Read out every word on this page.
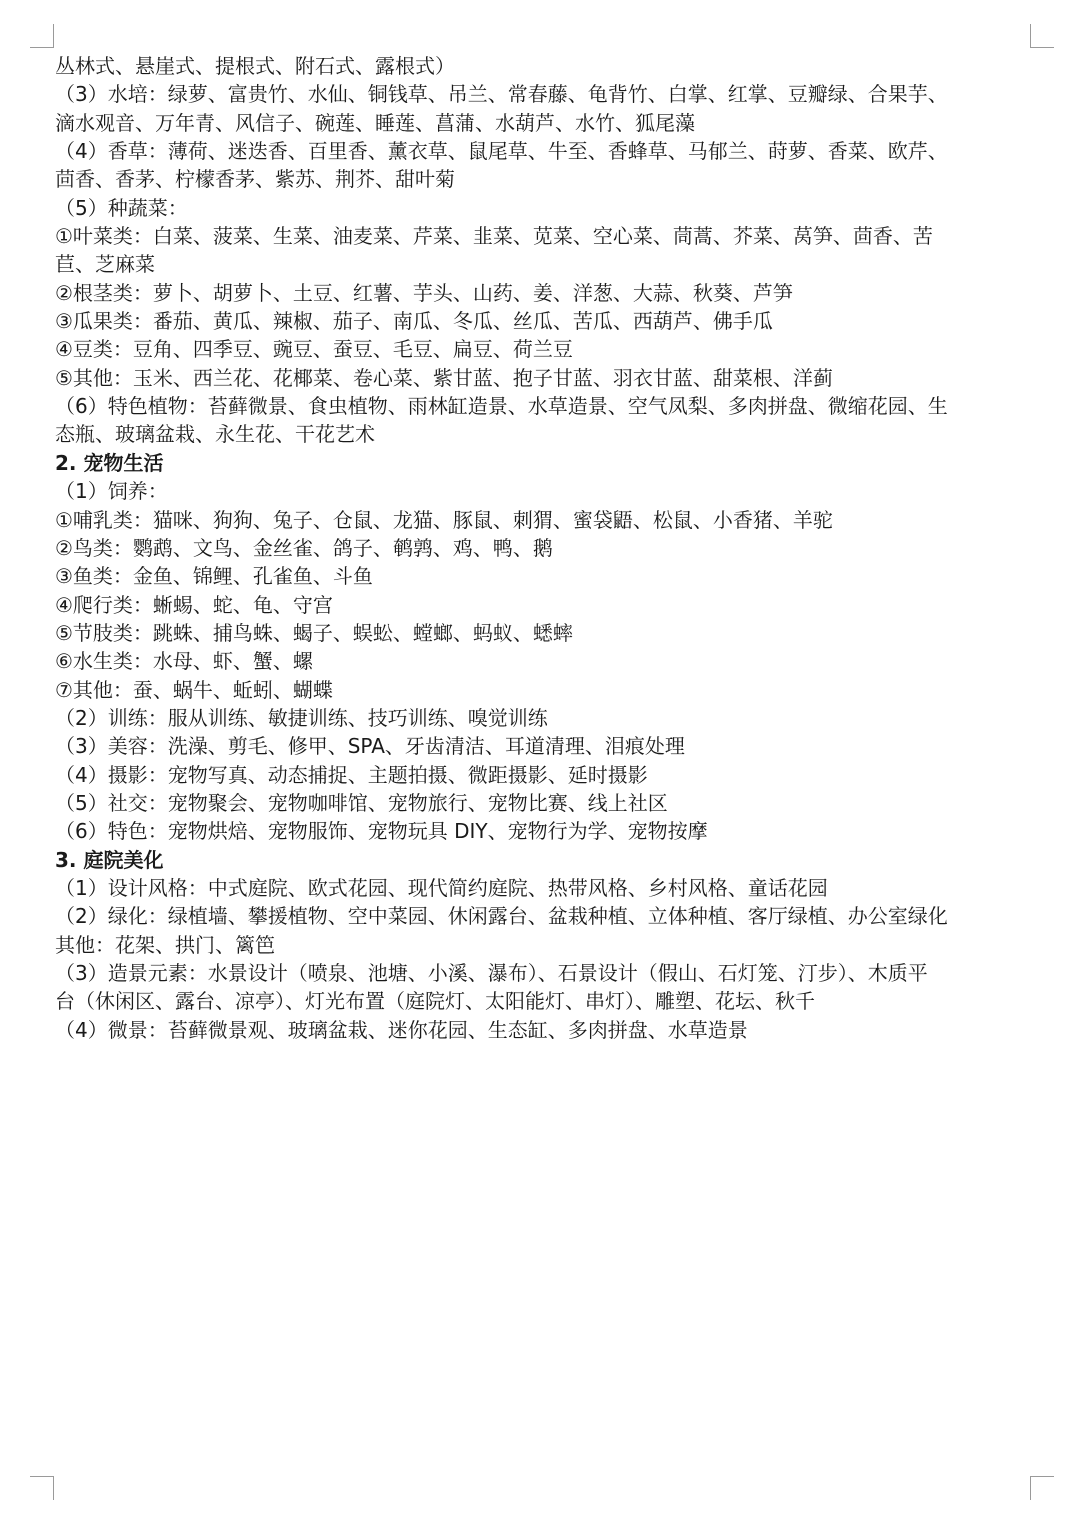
丛林式、悬崖式、提根式、附石式、露根式）
（3）水培：绿萝、富贵竹、水仙、铜钱草、吊兰、常春藤、龟背竹、白掌、红掌、豆瓣绿、合果芋、
滴水观音、万年青、风信子、碗莲、睡莲、菖蒲、水葫芦、水竹、狐尾藻
（4）香草：薄荷、迷迭香、百里香、薰衣草、鼠尾草、牛至、香蜂草、马郁兰、莳萝、香菜、欧芹、
茴香、香茅、柠檬香茅、紫苏、荆芥、甜叶菊
（5）种蔬菜：
①叶菜类：白菜、菠菜、生菜、油麦菜、芹菜、韭菜、苋菜、空心菜、茼蒿、芥菜、莴笋、茴香、苦
苣、芝麻菜
②根茎类：萝卜、胡萝卜、土豆、红薯、芋头、山药、姜、洋葱、大蒜、秋葵、芦笋
③瓜果类：番茄、黄瓜、辣椒、茄子、南瓜、冬瓜、丝瓜、苦瓜、西葫芦、佛手瓜
④豆类：豆角、四季豆、豌豆、蚕豆、毛豆、扁豆、荷兰豆
⑤其他：玉米、西兰花、花椰菜、卷心菜、紫甘蓝、抱子甘蓝、羽衣甘蓝、甜菜根、洋蓟
（6）特色植物：苔藓微景、食虫植物、雨林缸造景、水草造景、空气凤梨、多肉拼盘、微缩花园、生
态瓶、玻璃盆栽、永生花、干花艺术
2. 宠物生活
（1）饲养：
①哺乳类：猫咪、狗狗、兔子、仓鼠、龙猫、豚鼠、刺猬、蜜袋鼯、松鼠、小香猪、羊驼
②鸟类：鹦鹉、文鸟、金丝雀、鸽子、鹌鹑、鸡、鸭、鹅
③鱼类：金鱼、锦鲤、孔雀鱼、斗鱼
④爬行类：蜥蜴、蛇、龟、守宫
⑤节肢类：跳蛛、捕鸟蛛、蝎子、蜈蚣、螳螂、蚂蚁、蟋蟀
⑥水生类：水母、虾、蟹、螺
⑦其他：蚕、蜗牛、蚯蚓、蝴蝶
（2）训练：服从训练、敏捷训练、技巧训练、嗅觉训练
（3）美容：洗澡、剪毛、修甲、SPA、牙齿清洁、耳道清理、泪痕处理
（4）摄影：宠物写真、动态捕捉、主题拍摄、微距摄影、延时摄影
（5）社交：宠物聚会、宠物咖啡馆、宠物旅行、宠物比赛、线上社区
（6）特色：宠物烘焙、宠物服饰、宠物玩具 DIY、宠物行为学、宠物按摩
3. 庭院美化
（1）设计风格：中式庭院、欧式花园、现代简约庭院、热带风格、乡村风格、童话花园
（2）绿化：绿植墙、攀援植物、空中菜园、休闲露台、盆栽种植、立体种植、客厅绿植、办公室绿化
其他：花架、拱门、篱笆
（3）造景元素：水景设计（喷泉、池塘、小溪、瀑布）、石景设计（假山、石灯笼、汀步）、木质平
台（休闲区、露台、凉亭）、灯光布置（庭院灯、太阳能灯、串灯）、雕塑、花坛、秋千
（4）微景：苔藓微景观、玻璃盆栽、迷你花园、生态缸、多肉拼盘、水草造景
